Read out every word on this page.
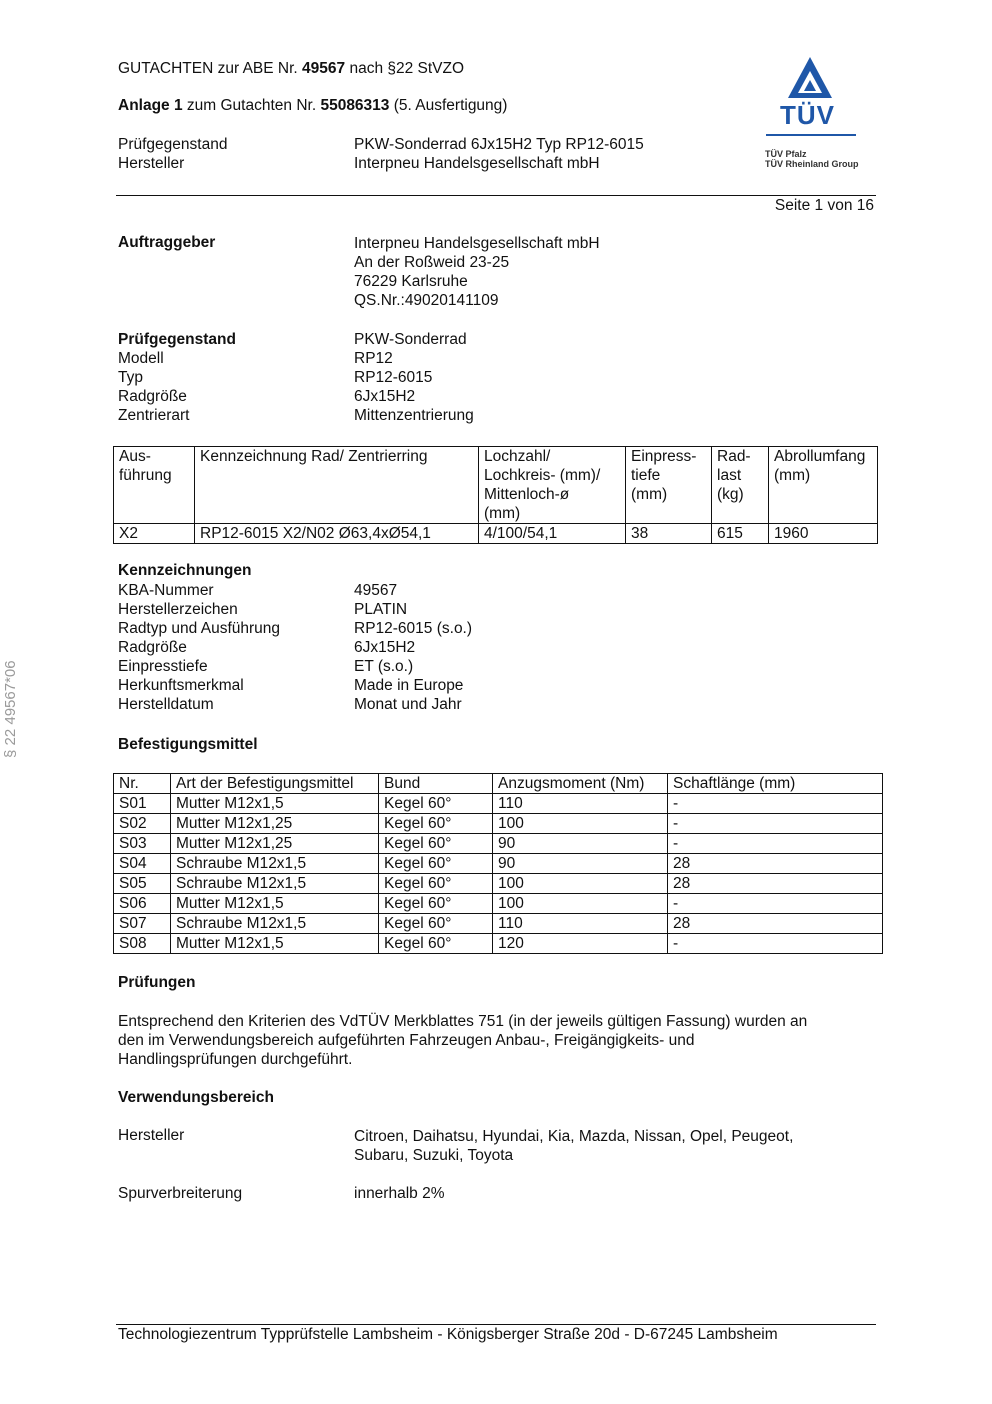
GUTACHTEN zur ABE Nr. 49567 nach §22 StVZO
Anlage 1 zum Gutachten Nr. 55086313 (5. Ausfertigung)
Prüfgegenstand	PKW-Sonderrad 6Jx15H2 Typ RP12-6015
Hersteller	Interpneu Handelsgesellschaft mbH
TÜV
TÜV Pfalz
TÜV Rheinland Group
Seite 1 von 16
§ 22 49567*06
Auftraggeber	Interpneu Handelsgesellschaft mbH
An der Roßweid 23-25
76229 Karlsruhe
QS.Nr.:49020141109
Prüfgegenstand	PKW-Sonderrad
Modell	RP12
Typ	RP12-6015
Radgröße	6Jx15H2
Zentrierart	Mittenzentrierung
Aus-
führung	Kennzeichnung Rad/ Zentrierring	Lochzahl/
Lochkreis- (mm)/
Mittenloch-ø
(mm)	Einpress-
tiefe
(mm)	Rad-
last
(kg)	Abrollumfang
(mm)
X2	RP12-6015 X2/N02 Ø63,4xØ54,1	4/100/54,1	38	615	1960
Kennzeichnungen
KBA-Nummer	49567
Herstellerzeichen	PLATIN
Radtyp und Ausführung	RP12-6015 (s.o.)
Radgröße	6Jx15H2
Einpresstiefe	ET (s.o.)
Herkunftsmerkmal	Made in Europe
Herstelldatum	Monat und Jahr
Befestigungsmittel
Nr.	Art der Befestigungsmittel	Bund	Anzugsmoment (Nm)	Schaftlänge (mm)
S01	Mutter M12x1,5	Kegel 60°	110	-
S02	Mutter M12x1,25	Kegel 60°	100	-
S03	Mutter M12x1,25	Kegel 60°	90	-
S04	Schraube M12x1,5	Kegel 60°	90	28
S05	Schraube M12x1,5	Kegel 60°	100	28
S06	Mutter M12x1,5	Kegel 60°	100	-
S07	Schraube M12x1,5	Kegel 60°	110	28
S08	Mutter M12x1,5	Kegel 60°	120	-
Prüfungen
Entsprechend den Kriterien des VdTÜV Merkblattes 751 (in der jeweils gültigen Fassung) wurden an
den im Verwendungsbereich aufgeführten Fahrzeugen Anbau-, Freigängigkeits- und
Handlingsprüfungen durchgeführt.
Verwendungsbereich
Hersteller	Citroen, Daihatsu, Hyundai, Kia, Mazda, Nissan, Opel, Peugeot,
Subaru, Suzuki, Toyota
Spurverbreiterung	innerhalb 2%
Technologiezentrum Typprüfstelle Lambsheim - Königsberger Straße 20d - D-67245 Lambsheim
